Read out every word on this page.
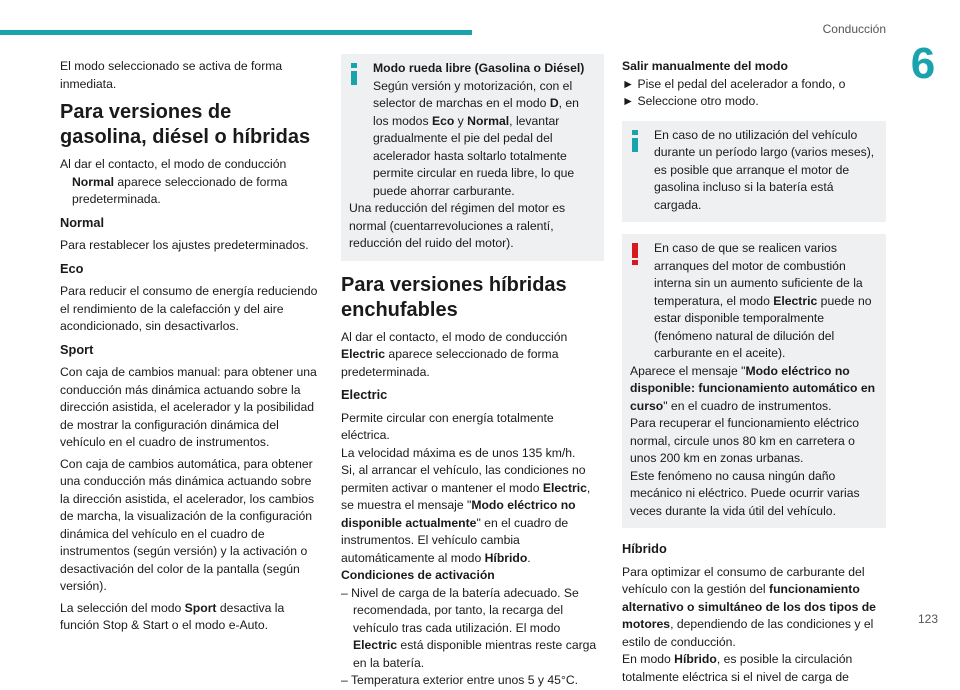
Conducción
6

El modo seleccionado se activa de forma inmediata.

Para versiones de gasolina, diésel o híbridas

Al dar el contacto, el modo de conducción Normal aparece seleccionado de forma predeterminada.

Normal

Para restablecer los ajustes predeterminados.

Eco

Para reducir el consumo de energía reduciendo el rendimiento de la calefacción y del aire acondicionado, sin desactivarlos.

Sport

Con caja de cambios manual: para obtener una conducción más dinámica actuando sobre la dirección asistida, el acelerador y la posibilidad de mostrar la configuración dinámica del vehículo en el cuadro de instrumentos.

Con caja de cambios automática, para obtener una conducción más dinámica actuando sobre la dirección asistida, el acelerador, los cambios de marcha, la visualización de la configuración dinámica del vehículo en el cuadro de instrumentos (según versión) y la activación o desactivación del color de la pantalla (según versión).

La selección del modo Sport desactiva la función Stop & Start o el modo e-Auto.

Modo rueda libre (Gasolina o Diésel)

Según versión y motorización, con el selector de marchas en el modo D, en los modos Eco y Normal, levantar gradualmente el pie del pedal del acelerador hasta soltarlo totalmente permite circular en rueda libre, lo que puede ahorrar carburante.

Una reducción del régimen del motor es normal (cuentarrevoluciones a ralentí, reducción del ruido del motor).

Para versiones híbridas enchufables

Al dar el contacto, el modo de conducción Electric aparece seleccionado de forma predeterminada.

Electric

Permite circular con energía totalmente eléctrica.

La velocidad máxima es de unos 135 km/h.

Si, al arrancar el vehículo, las condiciones no permiten activar o mantener el modo Electric, se muestra el mensaje "Modo eléctrico no disponible actualmente" en el cuadro de instrumentos. El vehículo cambia automáticamente al modo Híbrido.

Condiciones de activación

– Nivel de carga de la batería adecuado. Se recomendada, por tanto, la recarga del vehículo tras cada utilización. El modo Electric está disponible mientras reste carga en la batería.

– Temperatura exterior entre unos 5 y 45°C.

Salir manualmente del modo

► Pise el pedal del acelerador a fondo, o

► Seleccione otro modo.

En caso de no utilización del vehículo durante un período largo (varios meses), es posible que arranque el motor de gasolina incluso si la batería está cargada.

En caso de que se realicen varios arranques del motor de combustión interna sin un aumento suficiente de la temperatura, el modo Electric puede no estar disponible temporalmente (fenómeno natural de dilución del carburante en el aceite).

Aparece el mensaje "Modo eléctrico no disponible: funcionamiento automático en curso" en el cuadro de instrumentos.

Para recuperar el funcionamiento eléctrico normal, circule unos 80 km en carretera o unos 200 km en zonas urbanas.

Este fenómeno no causa ningún daño mecánico ni eléctrico. Puede ocurrir varias veces durante la vida útil del vehículo.

Híbrido

Para optimizar el consumo de carburante del vehículo con la gestión del funcionamiento alternativo o simultáneo de los dos tipos de motores, dependiendo de las condiciones y el estilo de conducción.

En modo Híbrido, es posible la circulación totalmente eléctrica si el nivel de carga de

123
